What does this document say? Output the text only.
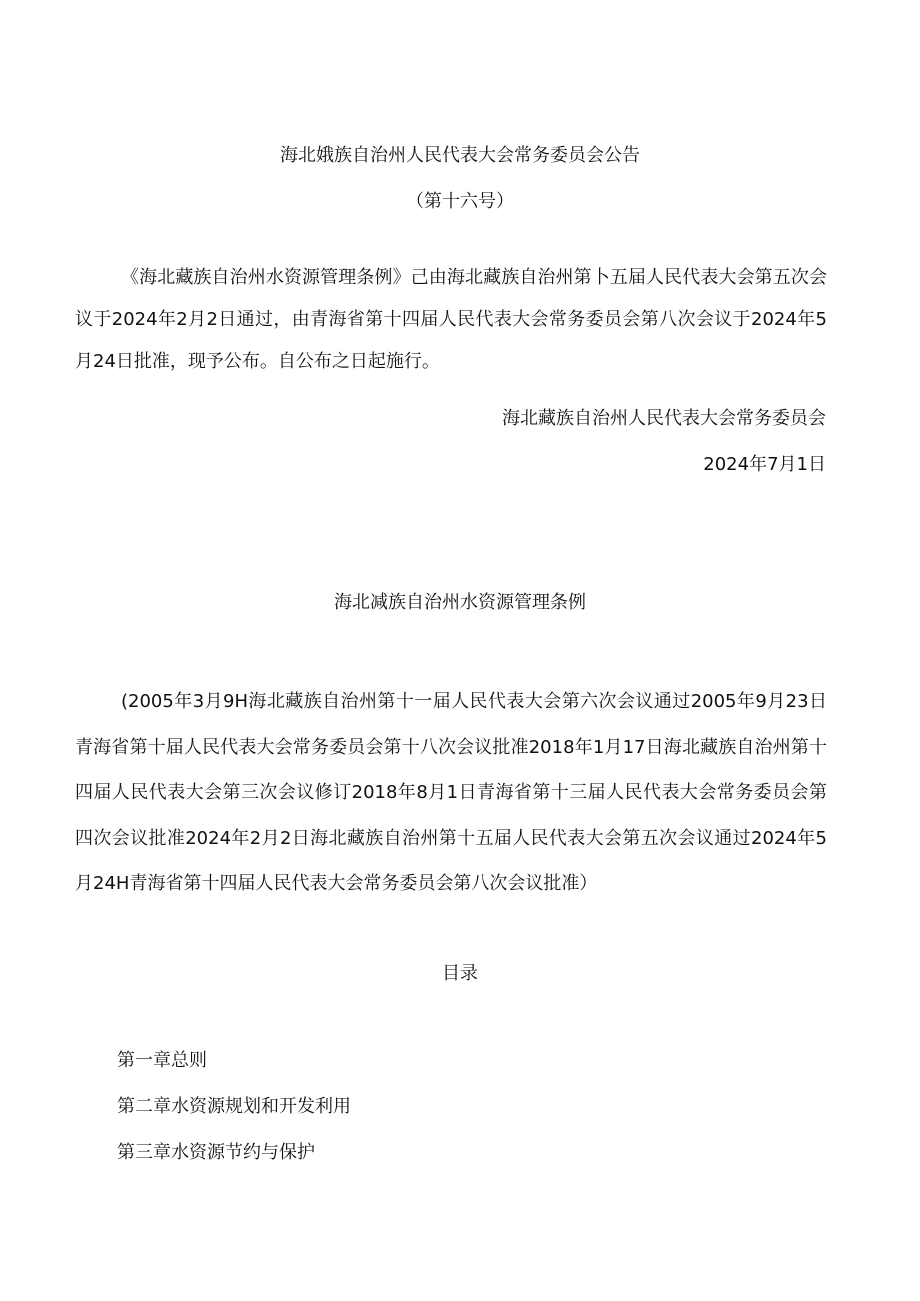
海北娥族自治州人民代表大会常务委员会公告

（第十六号）

《海北藏族自治州水资源管理条例》己由海北藏族自治州第卜五届人民代表大会第五次会议于2024年2月2日通过，由青海省第十四届人民代表大会常务委员会第八次会议于2024年5月24日批准，现予公布。自公布之日起施行。

海北藏族自治州人民代表大会常务委员会

2024年7月1日

海北减族自治州水资源管理条例

(2005年3月9H海北藏族自治州第十一届人民代表大会第六次会议通过2005年9月23日青海省第十届人民代表大会常务委员会第十八次会议批准2018年1月17日海北藏族自治州第十四届人民代表大会第三次会议修订2018年8月1日青海省第十三届人民代表大会常务委员会第四次会议批准2024年2月2日海北藏族自治州第十五届人民代表大会第五次会议通过2024年5月24H青海省第十四届人民代表大会常务委员会第八次会议批准）

目录
第一章总则
第二章水资源规划和开发利用
第三章水资源节约与保护
